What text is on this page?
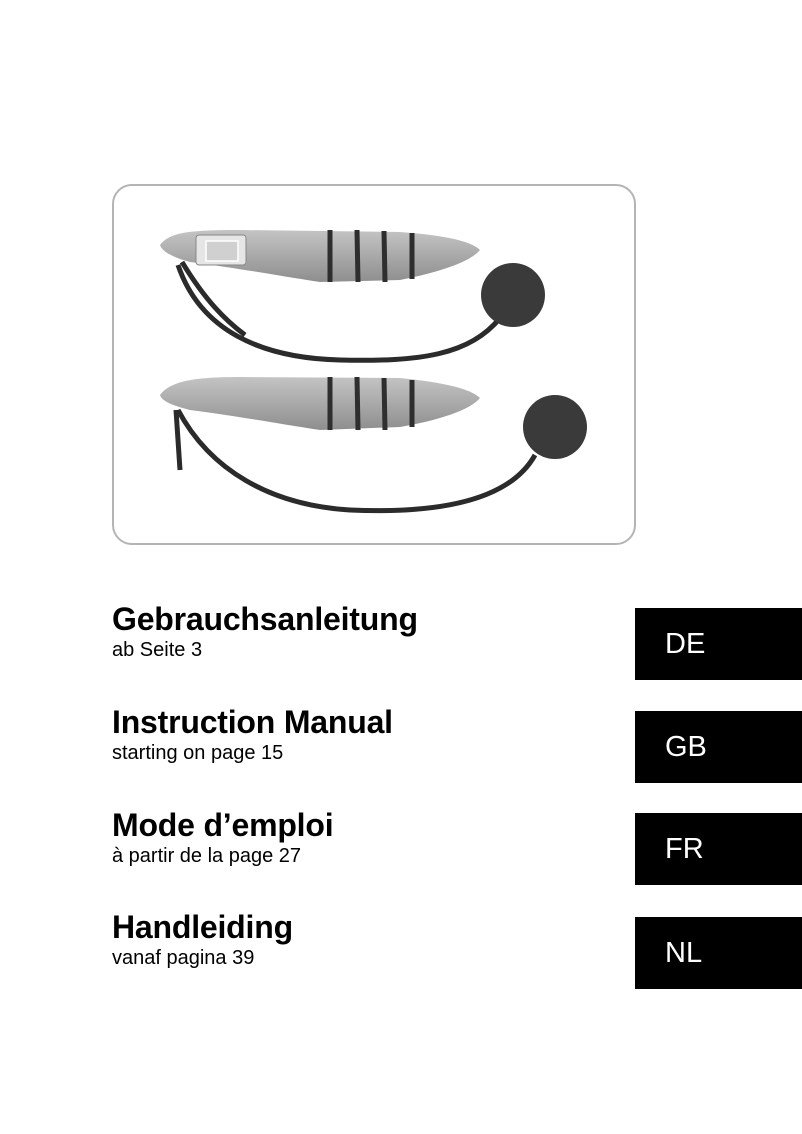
Gebrauchsanleitung
ab Seite 3	DE
Instruction Manual
starting on page 15	GB
Mode d’emploi
à partir de la page 27	FR
Handleiding
vanaf pagina 39	NL
